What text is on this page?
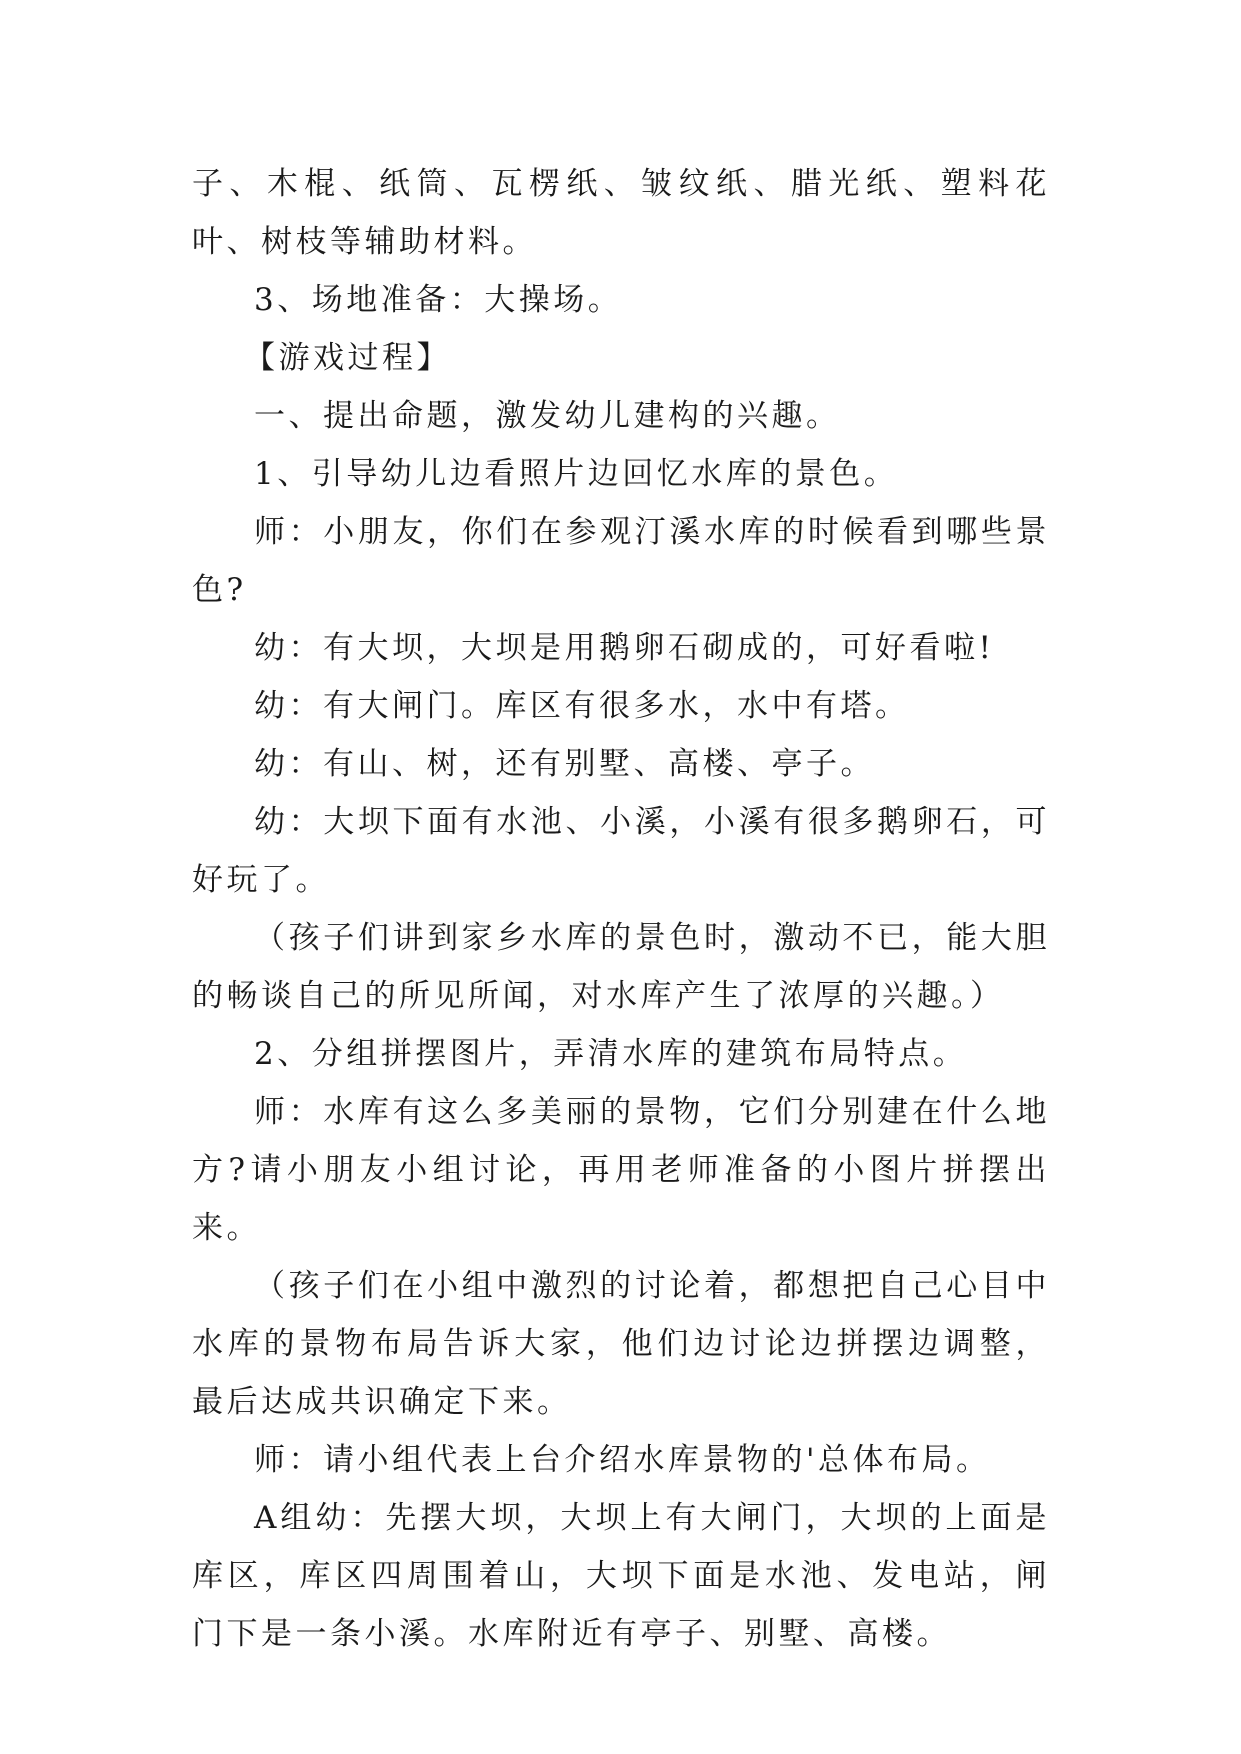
子、木棍、纸筒、瓦楞纸、皱纹纸、腊光纸、塑料花叶、树枝等辅助材料。

3、场地准备：大操场。

【游戏过程】

一、提出命题，激发幼儿建构的兴趣。

1、引导幼儿边看照片边回忆水库的景色。

师：小朋友，你们在参观汀溪水库的时候看到哪些景色?

幼：有大坝，大坝是用鹅卵石砌成的，可好看啦!

幼：有大闸门。库区有很多水，水中有塔。

幼：有山、树，还有别墅、高楼、亭子。

幼：大坝下面有水池、小溪，小溪有很多鹅卵石，可好玩了。

（孩子们讲到家乡水库的景色时，激动不已，能大胆的畅谈自己的所见所闻，对水库产生了浓厚的兴趣。）

2、分组拼摆图片，弄清水库的建筑布局特点。

师：水库有这么多美丽的景物，它们分别建在什么地方?请小朋友小组讨论，再用老师准备的小图片拼摆出来。

（孩子们在小组中激烈的讨论着，都想把自己心目中水库的景物布局告诉大家，他们边讨论边拼摆边调整，最后达成共识确定下来。

师：请小组代表上台介绍水库景物的'总体布局。

A组幼：先摆大坝，大坝上有大闸门，大坝的上面是库区，库区四周围着山，大坝下面是水池、发电站，闸门下是一条小溪。水库附近有亭子、别墅、高楼。
